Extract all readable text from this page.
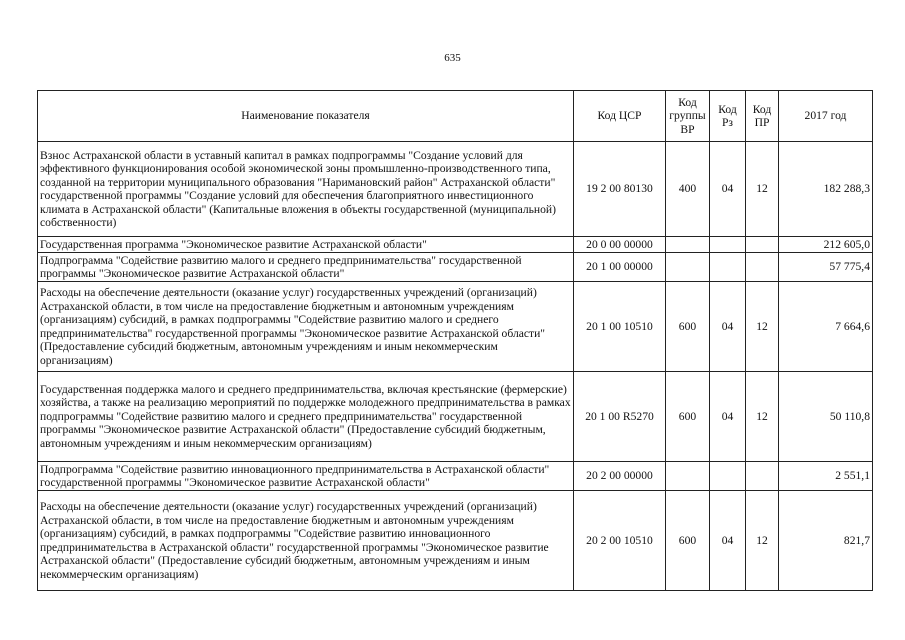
635
Наименование показателя	Код ЦСР	Код группы ВР	Код Рз	Код ПР	2017 год
Взнос Астраханской области в уставный капитал в рамках подпрограммы "Создание условий для эффективного функционирования особой экономической зоны промышленно-производственного типа, созданной на территории муниципального образования "Наримановский район" Астраханской области" государственной программы "Создание условий для обеспечения благоприятного инвестиционного климата в Астраханской области" (Капитальные вложения в объекты государственной (муниципальной) собственности)	19 2 00 80130	400	04	12	182 288,3
Государственная программа "Экономическое развитие Астраханской области"	20 0 00 00000				212 605,0
Подпрограмма "Содействие развитию малого и среднего предпринимательства" государственной программы "Экономическое развитие Астраханской области"	20 1 00 00000				57 775,4
Расходы на обеспечение деятельности (оказание услуг) государственных учреждений (организаций) Астраханской области, в том числе на предоставление бюджетным и автономным учреждениям (организациям) субсидий, в рамках подпрограммы "Содействие развитию малого и среднего предпринимательства" государственной программы "Экономическое развитие Астраханской области" (Предоставление субсидий бюджетным, автономным учреждениям и иным некоммерческим организациям)	20 1 00 10510	600	04	12	7 664,6
Государственная поддержка малого и среднего предпринимательства, включая крестьянские (фермерские) хозяйства, а также на реализацию мероприятий по поддержке молодежного предпринимательства в рамках подпрограммы "Содействие развитию малого и среднего предпринимательства" государственной программы "Экономическое развитие Астраханской области" (Предоставление субсидий бюджетным, автономным учреждениям и иным некоммерческим организациям)	20 1 00 R5270	600	04	12	50 110,8
Подпрограмма "Содействие развитию инновационного предпринимательства в Астраханской области" государственной программы "Экономическое развитие Астраханской области"	20 2 00 00000				2 551,1
Расходы на обеспечение деятельности (оказание услуг) государственных учреждений (организаций) Астраханской области, в том числе на предоставление бюджетным и автономным учреждениям (организациям) субсидий, в рамках подпрограммы "Содействие развитию инновационного предпринимательства в Астраханской области" государственной программы "Экономическое развитие Астраханской области" (Предоставление субсидий бюджетным, автономным учреждениям и иным некоммерческим организациям)	20 2 00 10510	600	04	12	821,7
